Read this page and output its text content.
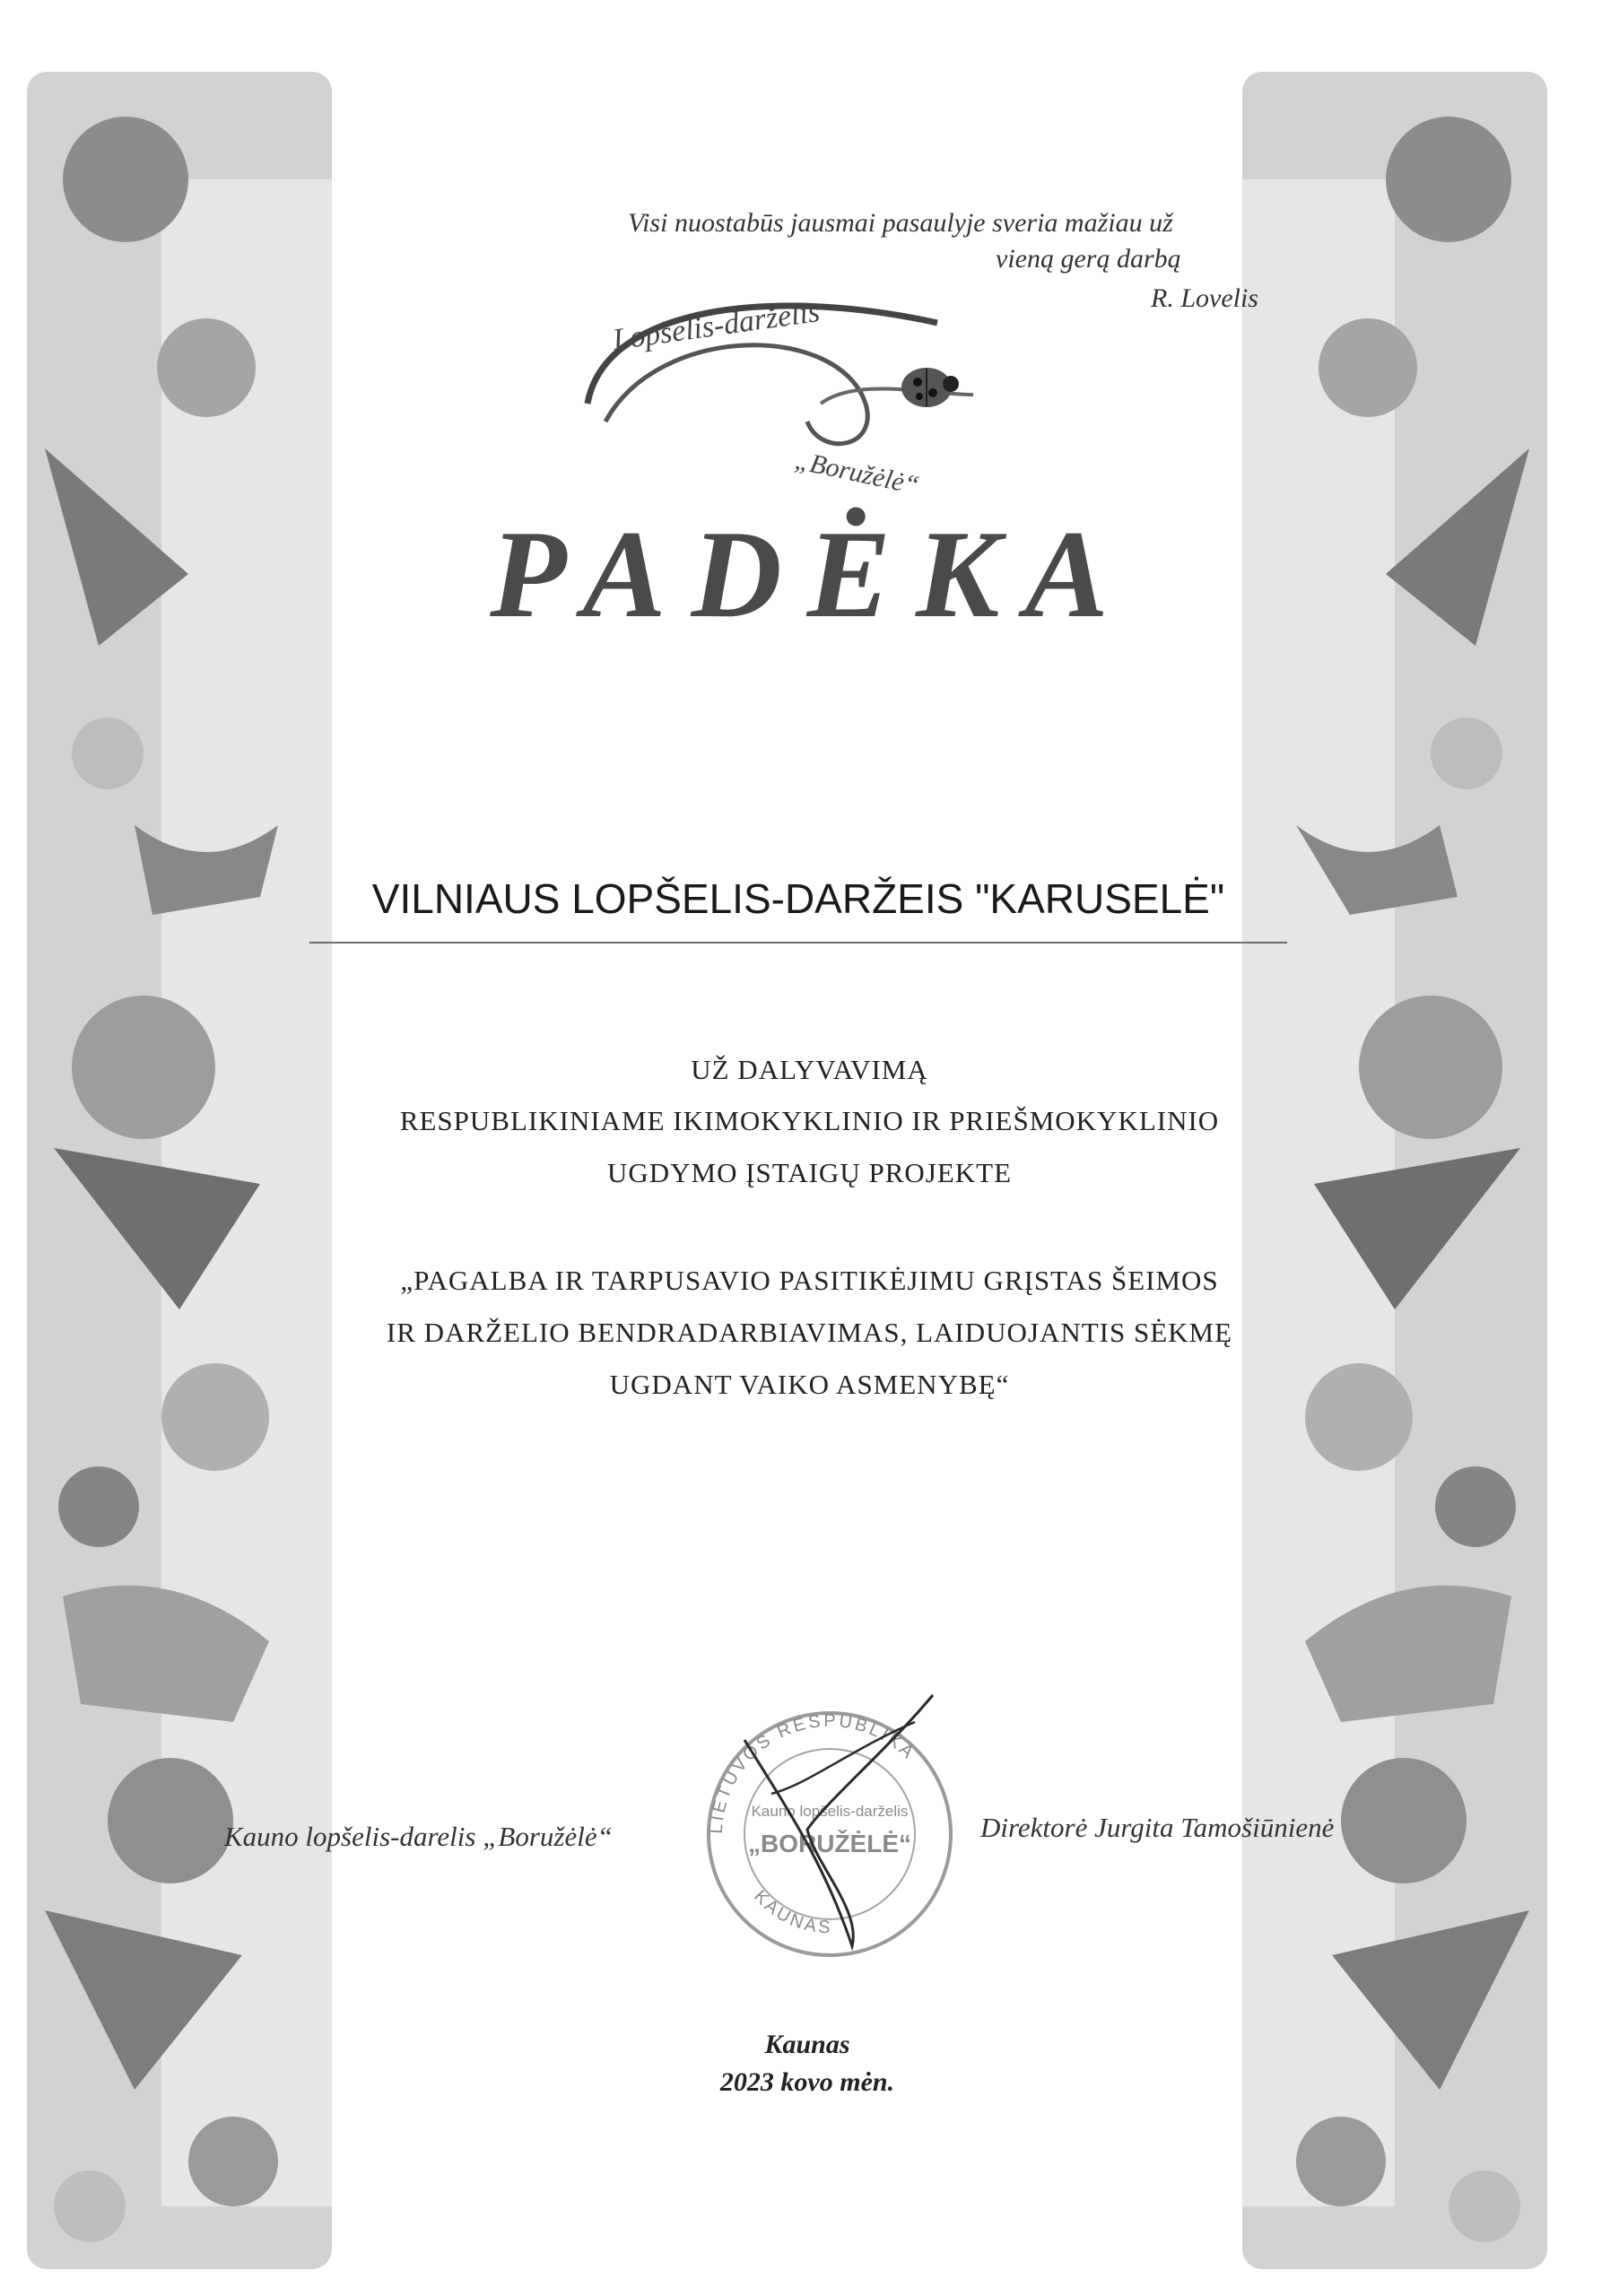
Visi nuostabūs jausmai pasaulyje sveria mažiau už
vieną gerą darbą
R. Lovelis
Lopšelis-darželis
„Boružėlė“
PADĖKA
VILNIAUS LOPŠELIS-DARŽEIS "KARUSELĖ"
UŽ DALYVAVIMĄ
RESPUBLIKINIAME IKIMOKYKLINIO IR PRIEŠMOKYKLINIO
UGDYMO ĮSTAIGŲ PROJEKTE
„PAGALBA IR TARPUSAVIO PASITIKĖJIMU GRĮSTAS ŠEIMOS
IR DARŽELIO BENDRADARBIAVIMAS, LAIDUOJANTIS SĖKMĘ
UGDANT VAIKO ASMENYBĘ“
LIETUVOS RESPUBLIKA
KAUNAS
Kauno lopšelis-darželis
„BORUŽĖLĖ“
Kauno lopšelis-darelis „Boružėlė“	Direktorė Jurgita Tamošiūnienė
Kaunas
2023 kovo mėn.
